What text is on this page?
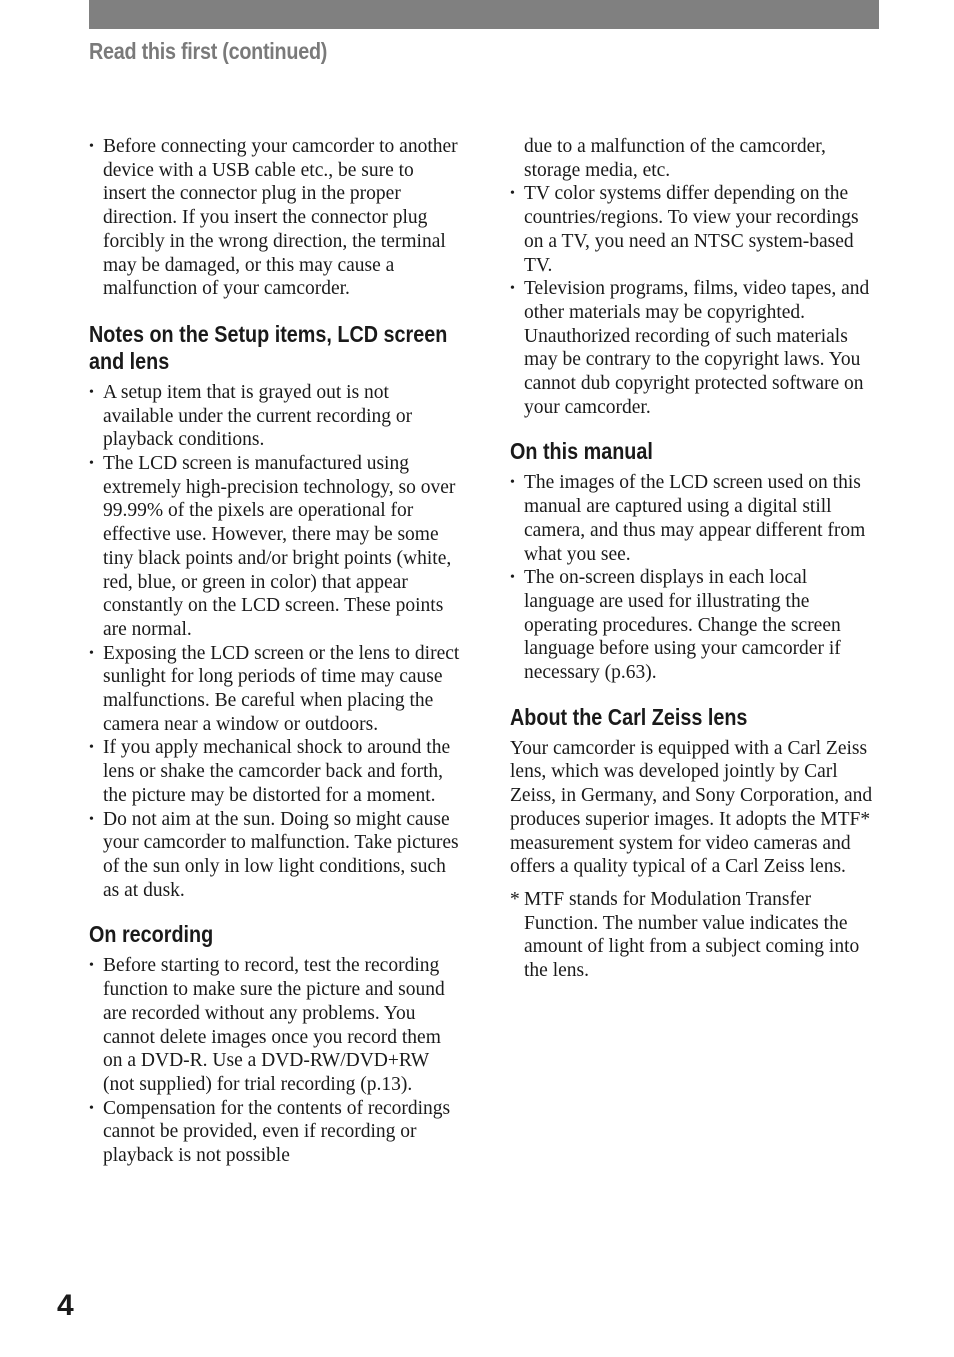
Read this first (continued)
• Before connecting your camcorder to another device with a USB cable etc., be sure to insert the connector plug in the proper direction. If you insert the connector plug forcibly in the wrong direction, the terminal may be damaged, or this may cause a malfunction of your camcorder.
Notes on the Setup items, LCD screen and lens
• A setup item that is grayed out is not available under the current recording or playback conditions.
• The LCD screen is manufactured using extremely high-precision technology, so over 99.99% of the pixels are operational for effective use. However, there may be some tiny black points and/or bright points (white, red, blue, or green in color) that appear constantly on the LCD screen. These points are normal.
• Exposing the LCD screen or the lens to direct sunlight for long periods of time may cause malfunctions. Be careful when placing the camera near a window or outdoors.
• If you apply mechanical shock to around the lens or shake the camcorder back and forth, the picture may be distorted for a moment.
• Do not aim at the sun. Doing so might cause your camcorder to malfunction. Take pictures of the sun only in low light conditions, such as at dusk.
On recording
• Before starting to record, test the recording function to make sure the picture and sound are recorded without any problems. You cannot delete images once you record them on a DVD-R. Use a DVD-RW/DVD+RW (not supplied) for trial recording (p.13).
• Compensation for the contents of recordings cannot be provided, even if recording or playback is not possible
due to a malfunction of the camcorder, storage media, etc.
• TV color systems differ depending on the countries/regions. To view your recordings on a TV, you need an NTSC system-based TV.
• Television programs, films, video tapes, and other materials may be copyrighted. Unauthorized recording of such materials may be contrary to the copyright laws. You cannot dub copyright protected software on your camcorder.
On this manual
• The images of the LCD screen used on this manual are captured using a digital still camera, and thus may appear different from what you see.
• The on-screen displays in each local language are used for illustrating the operating procedures. Change the screen language before using your camcorder if necessary (p.63).
About the Carl Zeiss lens

Your camcorder is equipped with a Carl Zeiss lens, which was developed jointly by Carl Zeiss, in Germany, and Sony Corporation, and produces superior images. It adopts the MTF* measurement system for video cameras and offers a quality typical of a Carl Zeiss lens.

* MTF stands for Modulation Transfer Function. The number value indicates the amount of light from a subject coming into the lens.
4
